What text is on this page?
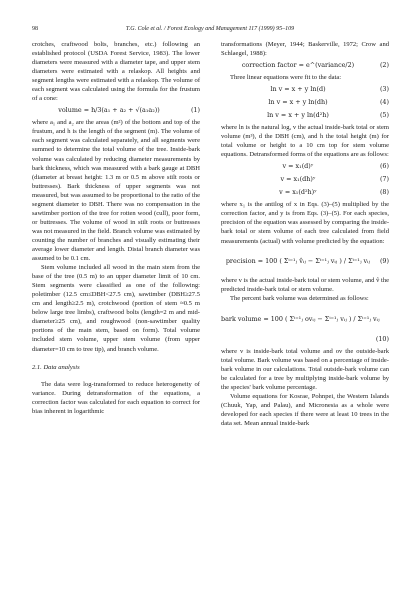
98	T.G. Cole et al. / Forest Ecology and Management 117 (1999) 95–109

crotches, craftwood bolts, branches, etc.) following an established protocol (USDA Forest Service, 1983). The lower diameters were measured with a diameter tape, and upper stem diameters were estimated with a relaskop. All heights and segment lengths were estimated with a relaskop. The volume of each segment was calculated using the formula for the frustum of a cone:

volume = h/3(a₁ + a₂ + √(a₁a₂))	(1)

where a₁ and a₂ are the areas (m²) of the bottom and top of the frustum, and h is the length of the segment (m). The volume of each segment was calculated separately, and all segments were summed to determine the total volume of the tree. Inside-bark volume was calculated by reducing diameter measurements by bark thickness, which was measured with a bark gauge at DBH (diameter at breast height: 1.3 m or 0.5 m above stilt roots or buttresses). Bark thickness of upper segments was not measured, but was assumed to be proportional to the ratio of the segment diameter to DBH. There was no compensation in the sawtimber portion of the tree for rotten wood (cull), poor form, or buttresses. The volume of wood in stilt roots or buttresses was not measured in the field. Branch volume was estimated by counting the number of branches and visually estimating their average lower diameter and length. Distal branch diameter was assumed to be 0.1 cm.

Stem volume included all wood in the main stem from the base of the tree (0.5 m) to an upper diameter limit of 10 cm. Stem segments were classified as one of the following: poletimber (12.5 cm≤DBH<27.5 cm), sawtimber (DBH≥27.5 cm and length≥2.5 m), crotchwood (portion of stem ≈0.5 m below large tree limbs), craftwood bolts (length=2 m and mid-diameter≥25 cm), and roughwood (non-sawtimber quality portions of the main stem, based on form). Total volume included stem volume, upper stem volume (from upper diameter=10 cm to tree tip), and branch volume.

2.1. Data analysis

The data were log-transformed to reduce heterogeneity of variance. During detransformation of the equations, a correction factor was calculated for each equation to correct for bias inherent in logarithmic

transformations (Meyer, 1944; Baskerville, 1972; Crow and Schlaegel, 1988):

correction factor = e^(variance/2)	(2)

Three linear equations were fit to the data:

ln v = x + y ln(d)	(3)
ln v = x + y ln(dh)	(4)
ln v = x + y ln(d²h)	(5)

where ln is the natural log, v the actual inside-bark total or stem volume (m³), d the DBH (cm), and h the total height (m) for total volume or height to a 10 cm top for stem volume equations. Detransformed forms of the equations are as follows:

v = x₁(d)ʸ	(6)
v = x₁(dh)ʸ	(7)
v = x₁(d²h)ʸ	(8)

where x₁ is the antilog of x in Eqs. (3)–(5) multiplied by the correction factor, and y is from Eqs. (3)–(5). For each species, precision of the equation was assessed by comparing the inside-bark total or stem volume of each tree calculated from field measurements (actual) with volume predicted by the equation:

precision = 100 ( Σⁱ⁼¹ⱼ v̂ᵢⱼ − Σⁱ⁼¹ⱼ vᵢⱼ ) / Σⁱ⁼¹ⱼ vᵢⱼ	(9)

where v is the actual inside-bark total or stem volume, and v̂ the predicted inside-bark total or stem volume.

The percent bark volume was determined as follows:

bark volume = 100 ( Σⁱ⁼¹ⱼ ovᵢⱼ − Σⁱ⁼¹ⱼ vᵢⱼ ) / Σⁱ⁼¹ⱼ vᵢⱼ
(10)

where v is inside-bark total volume and ov the outside-bark total volume. Bark volume was based on a percentage of inside-bark volume in our calculations. Total outside-bark volume can be calculated for a tree by multiplying inside-bark volume by the species' bark volume percentage.

Volume equations for Kosrae, Pohnpei, the Western Islands (Chuuk, Yap, and Palau), and Micronesia as a whole were developed for each species if there were at least 10 trees in the data set. Mean annual inside-bark
